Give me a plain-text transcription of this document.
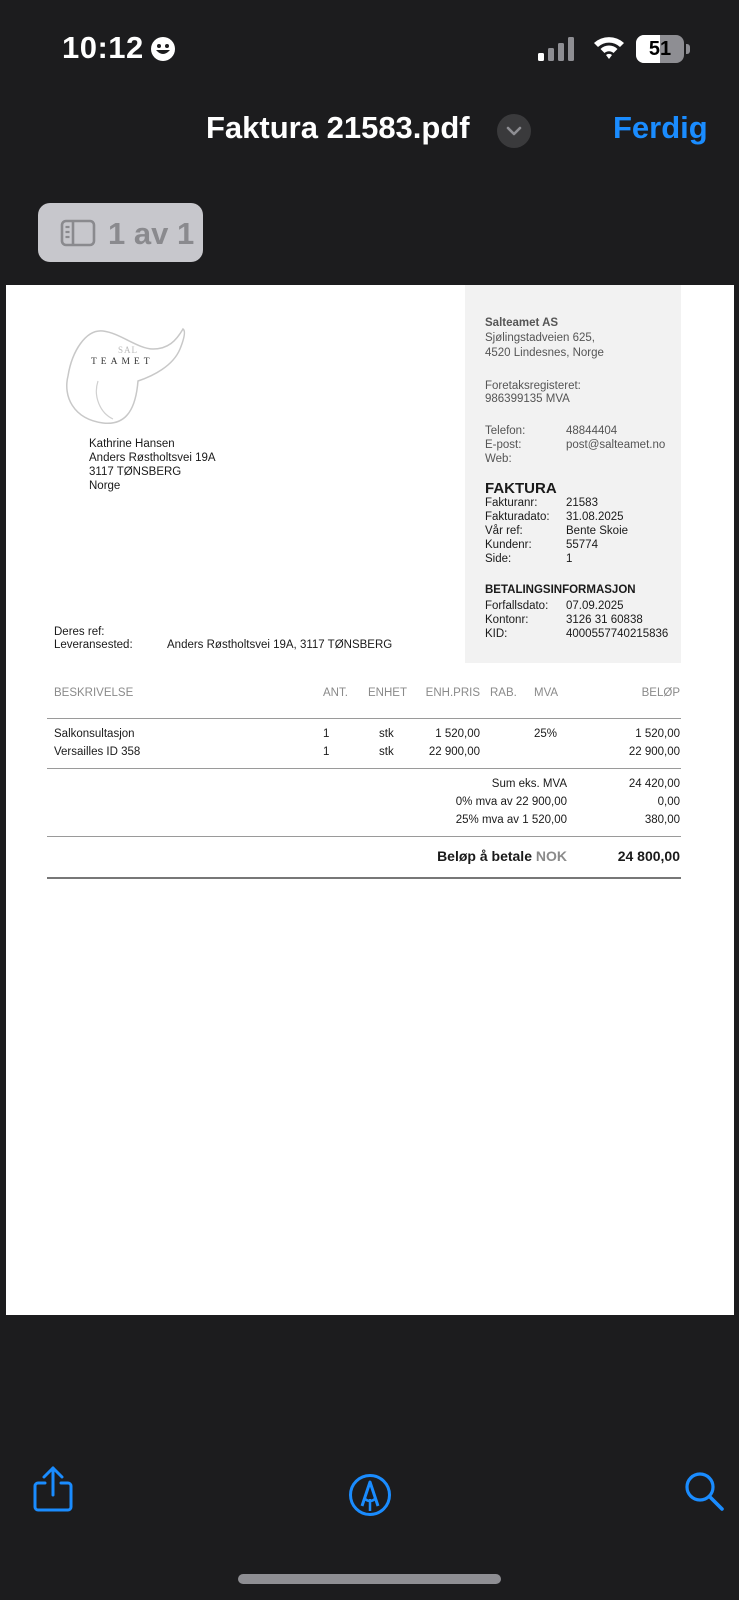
10:12	51
Faktura 21583.pdf	Ferdig
1 av 1
SAL
TEAMET
Salteamet AS
Sjølingstadveien 625,
4520 Lindesnes, Norge
Foretaksregisteret:
986399135 MVA
Telefon:	48844404
E-post:	post@salteamet.no
Web:
Kathrine Hansen
Anders Røstholtsvei 19A
3117 TØNSBERG
Norge	FAKTURA
Fakturanr: 21583
Fakturadato: 31.08.2025
Vår ref:	Bente Skoie
Kundenr:	55774
Side:	1
BETALINGSINFORMASJON
Forfallsdato: 07.09.2025
Kontonr:	3126 31 60838
KID:	4000557740215836
Deres ref:
Leveransested:	Anders Røstholtsvei 19A, 3117 TØNSBERG
BESKRIVELSE	ANT. ENHET	ENH.PRIS RAB. MVA	BELØP
Salkonsultasjon	1	stk	1 520,00	25%	1 520,00
Versailles ID 358	1	stk	22 900,00	22 900,00
Sum eks. MVA	24 420,00
0% mva av 22 900,00	0,00
25% mva av 1 520,00	380,00
Beløp å betale NOK	24 800,00
